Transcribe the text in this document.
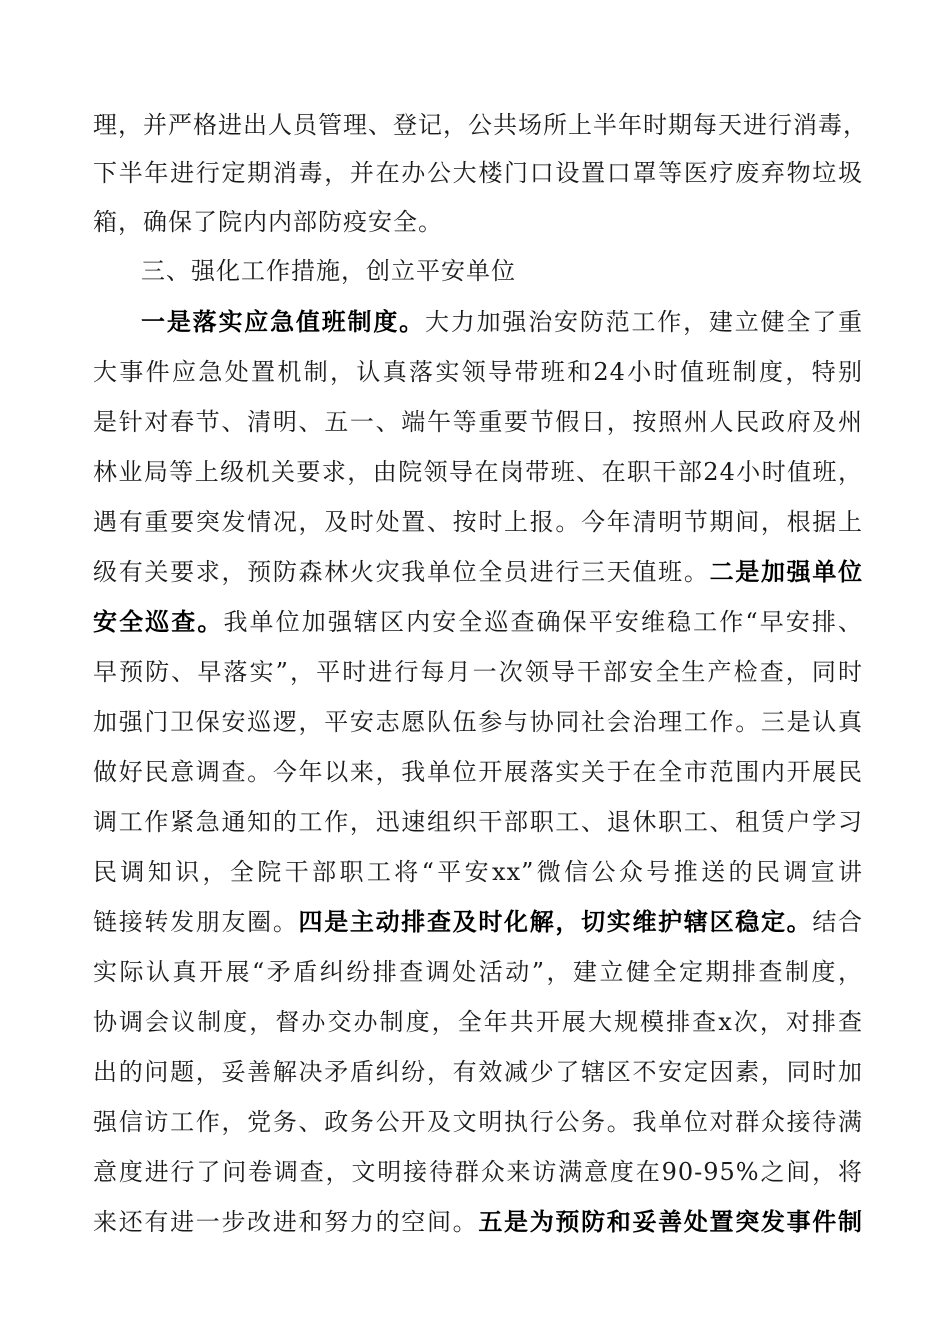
理，并严格进出人员管理、登记，公共场所上半年时期每天进行消毒，
下半年进行定期消毒，并在办公大楼门口设置口罩等医疗废弃物垃圾
箱，确保了院内内部防疫安全。
三、强化工作措施，创立平安单位
一是落实应急值班制度。大力加强治安防范工作，建立健全了重
大事件应急处置机制，认真落实领导带班和24小时值班制度，特别
是针对春节、清明、五一、端午等重要节假日，按照州人民政府及州
林业局等上级机关要求，由院领导在岗带班、在职干部24小时值班，
遇有重要突发情况，及时处置、按时上报。今年清明节期间，根据上
级有关要求，预防森林火灾我单位全员进行三天值班。二是加强单位
安全巡查。我单位加强辖区内安全巡查确保平安维稳工作“早安排、
早预防、早落实”，平时进行每月一次领导干部安全生产检查，同时
加强门卫保安巡逻，平安志愿队伍参与协同社会治理工作。三是认真
做好民意调查。今年以来，我单位开展落实关于在全市范围内开展民
调工作紧急通知的工作，迅速组织干部职工、退休职工、租赁户学习
民调知识，全院干部职工将“平安xx”微信公众号推送的民调宣讲
链接转发朋友圈。四是主动排查及时化解，切实维护辖区稳定。结合
实际认真开展“矛盾纠纷排查调处活动”，建立健全定期排查制度，
协调会议制度，督办交办制度，全年共开展大规模排查x次，对排查
出的问题，妥善解决矛盾纠纷，有效减少了辖区不安定因素，同时加
强信访工作，党务、政务公开及文明执行公务。我单位对群众接待满
意度进行了问卷调查，文明接待群众来访满意度在90-95%之间，将
来还有进一步改进和努力的空间。五是为预防和妥善处置突发事件制
